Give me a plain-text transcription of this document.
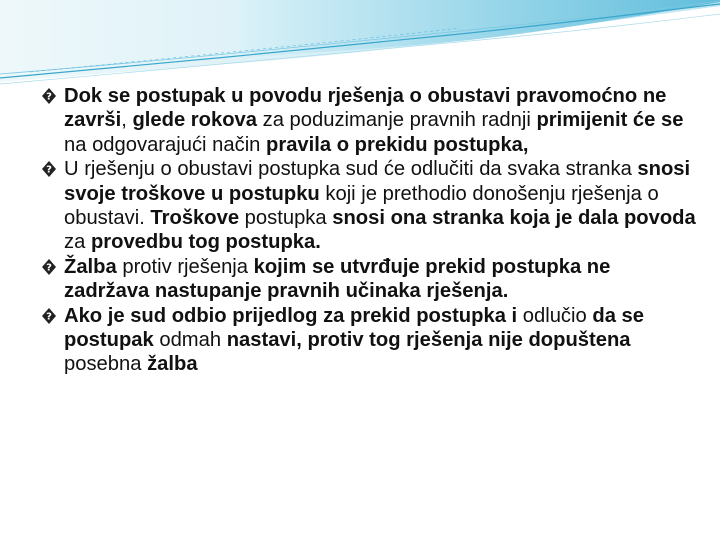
? Dok se postupak u povodu rješenja o obustavi pravomoćno ne završi, glede rokova za poduzimanje pravnih radnji primijenit će se na odgovarajući način pravila o prekidu postupka,

? U rješenju o obustavi postupka sud će odlučiti da svaka stranka snosi svoje troškove u postupku koji je prethodio donošenju rješenja o obustavi. Troškove postupka snosi ona stranka koja je dala povoda za provedbu tog postupka.

? Žalba protiv rješenja kojim se utvrđuje prekid postupka ne zadržava nastupanje pravnih učinaka rješenja.

? Ako je sud odbio prijedlog za prekid postupka i odlučio da se postupak odmah nastavi, protiv tog rješenja nije dopuštena posebna žalba
